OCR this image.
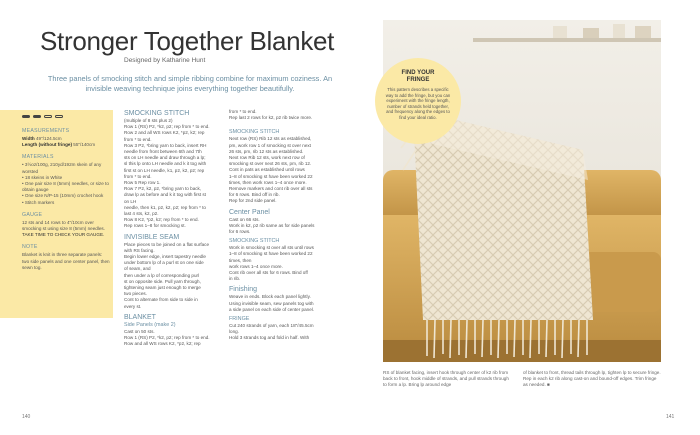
Stronger Together Blanket
Designed by Katharine Hunt
Three panels of smocking stitch and simple ribbing combine for maximum coziness. An invisible weaving technique joins everything together beautifully.
MEASUREMENTS
Width 49"/124.5cm
Length (without fringe) 55"/140cm
MATERIALS
• 3½oz/100g, 210yd/192m skein of any worsted
• 18 skeins in White
• One pair size 8 (5mm) needles, or size to obtain gauge
• One size N/P-15 (10mm) crochet hook
• Stitch markers
GAUGE
12 sts and 14 rows to 4"/10cm over smocking st using size 8 (5mm) needles.
TAKE TIME TO CHECK YOUR GAUGE.
NOTE
Blanket is knit in three separate panels: two side panels and one center panel, then sewn tog.
SMOCKING STITCH
(multiple of 8 sts plus 2)
Row 1 (RS) P2, *k2, p2; rep from * to end.
Row 2 and all WS rows K2, *p2, k2; rep
from * to end.
Row 3 P2, *bring yarn to back, insert RH
needle from front between 6th and 7th
sts on LH needle and draw through a lp;
sl this lp onto LH needle and k it tog with
first st on LH needle, k1, p2, k2, p2; rep
from * to end.
Row 5 Rep row 1.
Row 7 P2, k2, p2, *bring yarn to back,
draw lp as before and k it tog with first st
on LH
needle, then k1, p2, k2, p2; rep from * to
last 4 sts, k2, p2.
Row 8 K2, *p2, k2; rep from * to end.
Rep rows 1–8 for smocking st.
INVISIBLE SEAM
Place pieces to be joined on a flat surface
with RS facing.
Begin lower edge, insert tapestry needle
under bottom lp of a purl st on one side
of seam, and
then under a lp of corresponding purl
st on opposite side. Pull yarn through,
tightening seam just enough to merge
two pieces.
Cont to alternate from side to side in
every st.
BLANKET
Side Panels (make 2)
Cast on 50 sts.
Row 1 (RS) P2, *k2, p2; rep from * to end.
Row and all WS rows K2, *p2, k2; rep
from * to end.
Rep last 2 rows for k2, p2 rib twice more.
SMOCKING STITCH
Next row (RS) Rib 12 sts as established,
pm, work row 1 of smocking st over next
26 sts, pm, rib 12 sts as established.
Next row Rib 12 sts, work next row of
smocking st over next 26 sts, pm, rib 12.
Cont in pats as established until rows
1–8 of smocking st have been worked 22
times, then work rows 1–4 once more.
Remove markers and cont rib over all sts
for 6 rows. Bind off in rib.
Rep for 2nd side panel.
Center Panel
Cast on 66 sts.
Work in k2, p2 rib same as for side panels
for 6 rows.
SMOCKING STITCH
Work in smocking st over all sts until rows
1–8 of smocking st have been worked 22
times, then
work rows 1–4 once more.
Cont rib over all sts for 6 rows. Bind off
in rib.
Finishing
Weave in ends. Block each panel lightly.
Using invisible seam, sew panels tog with
a side panel on each side of center panel.
FRINGE
Cut 240 strands of yarn, each 18"/45.5cm
long.
Hold 3 strands tog and fold in half. With
FIND YOUR
FRINGE
This pattern describes a specific way to add the fringe, but you can experiment with the fringe length, number of strands held together, and frequency along the edges to find your ideal ratio.
RS of blanket facing, insert hook through center of k2 rib from back to front, hook middle of strands, and pull strands through to form a lp. Bring lp around edge
of blanket to front, thread tails through lp, tighten lp to secure fringe. Rep in each k2 rib along cast-on and bound-off edges. Trim fringe as needed. ■
140	141
